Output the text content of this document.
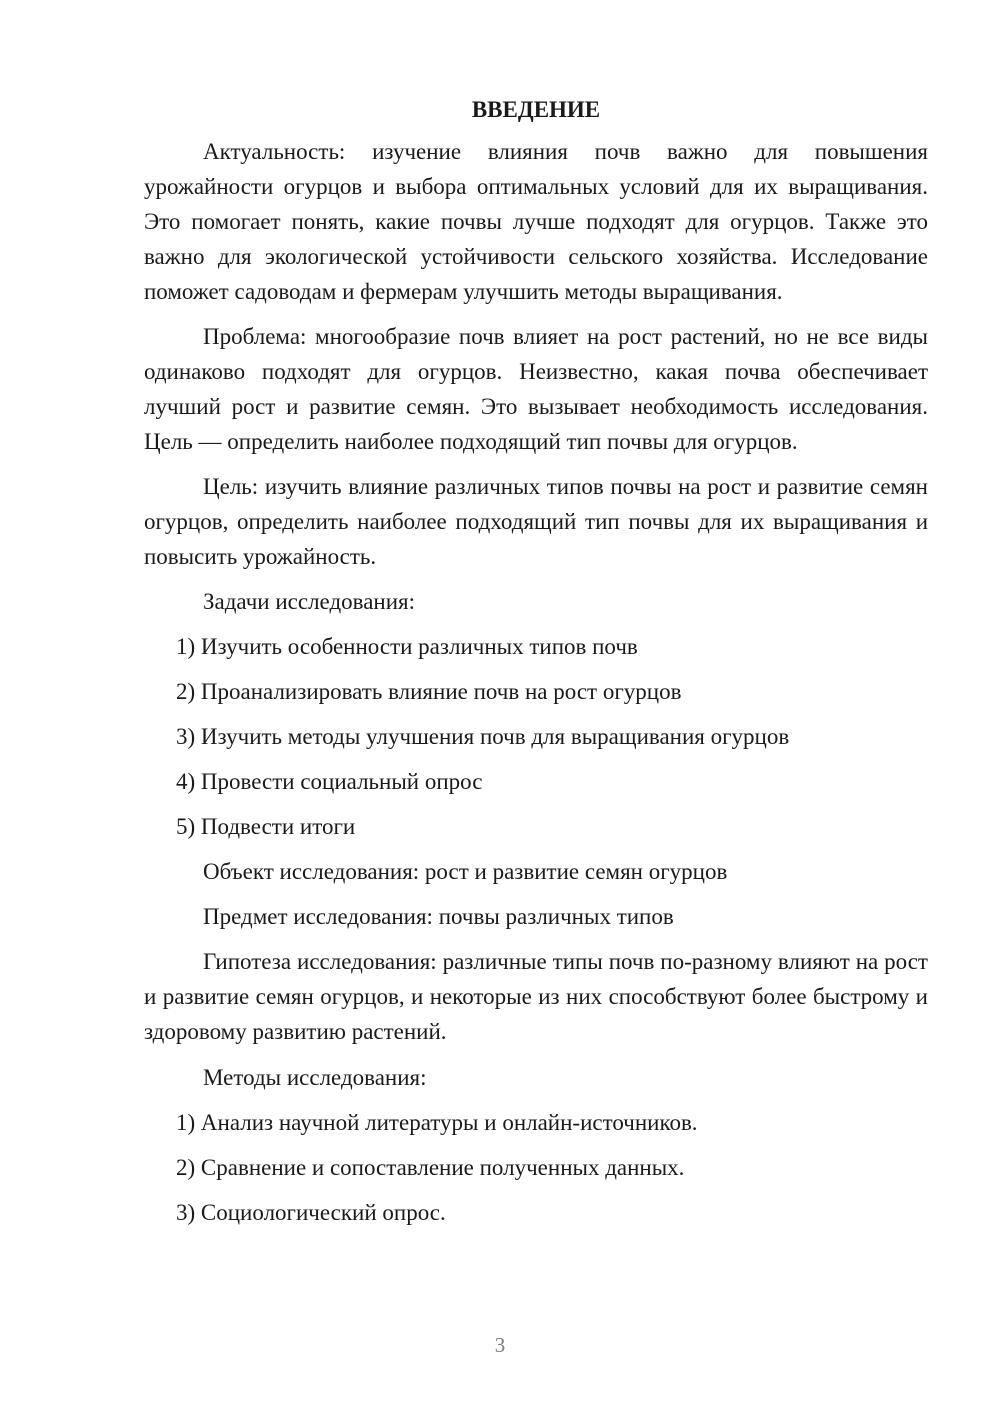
ВВЕДЕНИЕ

Актуальность: изучение влияния почв важно для повышения урожайности огурцов и выбора оптимальных условий для их выращивания. Это помогает понять, какие почвы лучше подходят для огурцов. Также это важно для экологической устойчивости сельского хозяйства. Исследование поможет садоводам и фермерам улучшить методы выращивания.

Проблема: многообразие почв влияет на рост растений, но не все виды одинаково подходят для огурцов. Неизвестно, какая почва обеспечивает лучший рост и развитие семян. Это вызывает необходимость исследования. Цель — определить наиболее подходящий тип почвы для огурцов.

Цель: изучить влияние различных типов почвы на рост и развитие семян огурцов, определить наиболее подходящий тип почвы для их выращивания и повысить урожайность.

Задачи исследования:
1) Изучить особенности различных типов почв
2) Проанализировать влияние почв на рост огурцов
3) Изучить методы улучшения почв для выращивания огурцов
4) Провести социальный опрос
5) Подвести итоги
Объект исследования: рост и развитие семян огурцов
Предмет исследования: почвы различных типов

Гипотеза исследования: различные типы почв по-разному влияют на рост и развитие семян огурцов, и некоторые из них способствуют более быстрому и здоровому развитию растений.

Методы исследования:
1) Анализ научной литературы и онлайн-источников.
2) Сравнение и сопоставление полученных данных.
3) Социологический опрос.
3
